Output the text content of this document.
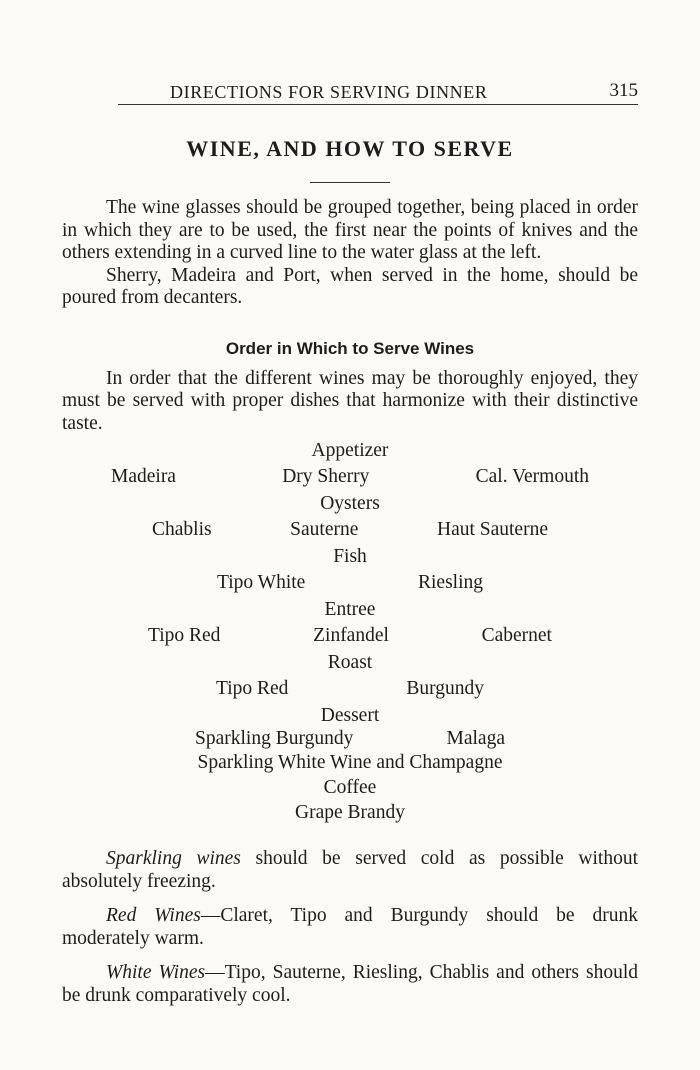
DIRECTIONS FOR SERVING DINNER	315
WINE, AND HOW TO SERVE

The wine glasses should be grouped together, being placed in order in which they are to be used, the first near the points of knives and the others extending in a curved line to the water glass at the left.

Sherry, Madeira and Port, when served in the home, should be poured from decanters.

Order in Which to Serve Wines

In order that the different wines may be thoroughly enjoyed, they must be served with proper dishes that harmonize with their distinctive taste.

Appetizer
Madeira	Dry Sherry	Cal. Vermouth
Oysters
Chablis	Sauterne	Haut Sauterne
Fish
Tipo White	Riesling
Entree
Tipo Red	Zinfandel	Cabernet
Roast
Tipo Red	Burgundy
Dessert
Sparkling Burgundy	Malaga
Sparkling White Wine and Champagne
Coffee
Grape Brandy

Sparkling wines should be served cold as possible without absolutely freezing.

Red Wines—Claret, Tipo and Burgundy should be drunk moderately warm.

White Wines—Tipo, Sauterne, Riesling, Chablis and others should be drunk comparatively cool.
